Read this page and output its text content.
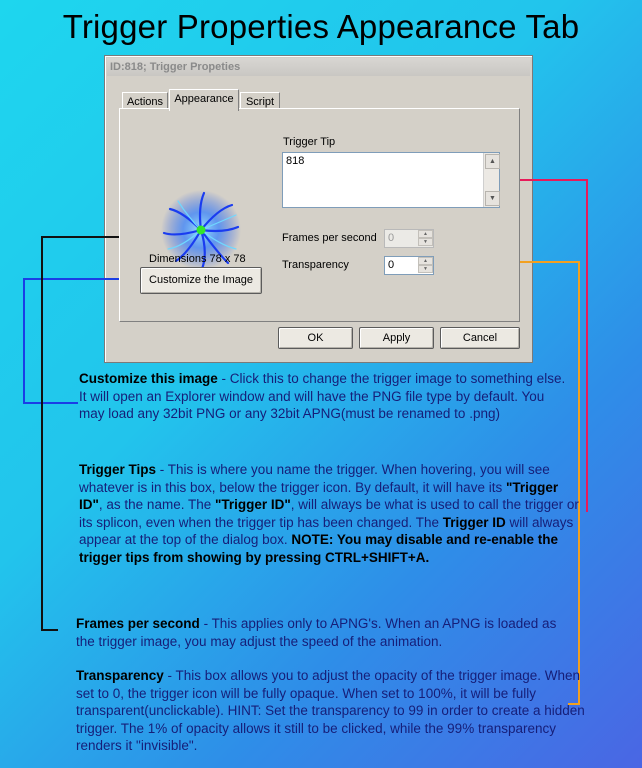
Trigger Properties Appearance Tab
ID:818; Trigger Propeties
Actions	Appearance	Script
Dimensions 78 x 78
Customize the Image
Trigger Tip
818	▲
▼
Frames per second	0	▲
▼
Transparency	0	▲
▼
OK	Apply	Cancel
Customize this image - Click this to change the trigger image to something else. It will open an Explorer window and will have the PNG file type by default. You may load any 32bit PNG or any 32bit APNG(must be renamed to .png)
Trigger Tips - This is where you name the trigger. When hovering, you will see whatever is in this box, below the trigger icon. By default, it will have its "Trigger ID", as the name. The "Trigger ID", will always be what is used to call the trigger or its splicon, even when the trigger tip has been changed. The Trigger ID will always appear at the top of the dialog box. NOTE: You may disable and re-enable the trigger tips from showing by pressing CTRL+SHIFT+A.
Frames per second - This applies only to APNG's. When an APNG is loaded as the trigger image, you may adjust the speed of the animation.
Transparency - This box allows you to adjust the opacity of the trigger image. When set to 0, the trigger icon will be fully opaque. When set to 100%, it will be fully transparent(unclickable). HINT: Set the transparency to 99 in order to create a hidden trigger. The 1% of opacity allows it still to be clicked, while the 99% transparency renders it "invisible".
